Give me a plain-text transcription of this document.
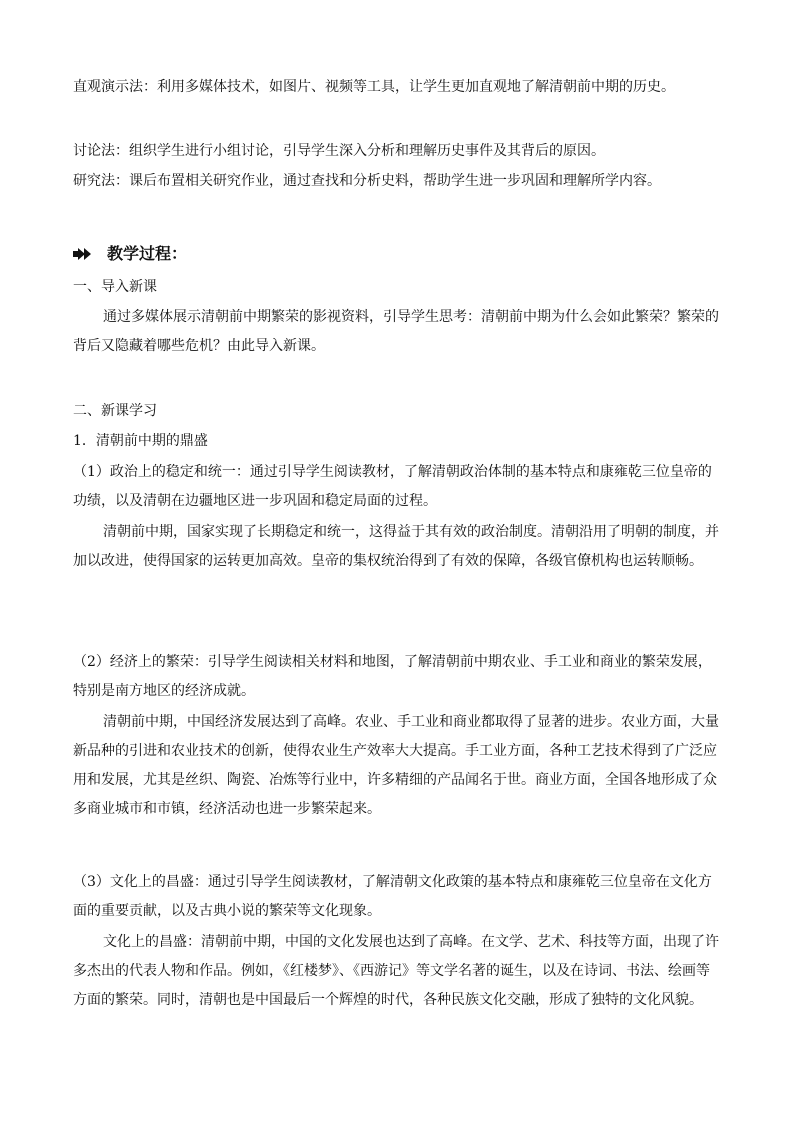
直观演示法：利用多媒体技术，如图片、视频等工具，让学生更加直观地了解清朝前中期的历史。

讨论法：组织学生进行小组讨论，引导学生深入分析和理解历史事件及其背后的原因。

研究法：课后布置相关研究作业，通过查找和分析史料，帮助学生进一步巩固和理解所学内容。

教学过程：

一、导入新课

通过多媒体展示清朝前中期繁荣的影视资料，引导学生思考：清朝前中期为什么会如此繁荣？繁荣的背后又隐藏着哪些危机？由此导入新课。

二、新课学习

1．清朝前中期的鼎盛

（1）政治上的稳定和统一：通过引导学生阅读教材，了解清朝政治体制的基本特点和康雍乾三位皇帝的功绩，以及清朝在边疆地区进一步巩固和稳定局面的过程。

清朝前中期，国家实现了长期稳定和统一，这得益于其有效的政治制度。清朝沿用了明朝的制度，并加以改进，使得国家的运转更加高效。皇帝的集权统治得到了有效的保障，各级官僚机构也运转顺畅。

（2）经济上的繁荣：引导学生阅读相关材料和地图，了解清朝前中期农业、手工业和商业的繁荣发展，特别是南方地区的经济成就。

清朝前中期，中国经济发展达到了高峰。农业、手工业和商业都取得了显著的进步。农业方面，大量新品种的引进和农业技术的创新，使得农业生产效率大大提高。手工业方面，各种工艺技术得到了广泛应用和发展，尤其是丝织、陶瓷、冶炼等行业中，许多精细的产品闻名于世。商业方面，全国各地形成了众多商业城市和市镇，经济活动也进一步繁荣起来。

（3）文化上的昌盛：通过引导学生阅读教材，了解清朝文化政策的基本特点和康雍乾三位皇帝在文化方面的重要贡献，以及古典小说的繁荣等文化现象。

文化上的昌盛：清朝前中期，中国的文化发展也达到了高峰。在文学、艺术、科技等方面，出现了许多杰出的代表人物和作品。例如，《红楼梦》、《西游记》等文学名著的诞生，以及在诗词、书法、绘画等方面的繁荣。同时，清朝也是中国最后一个辉煌的时代，各种民族文化交融，形成了独特的文化风貌。
